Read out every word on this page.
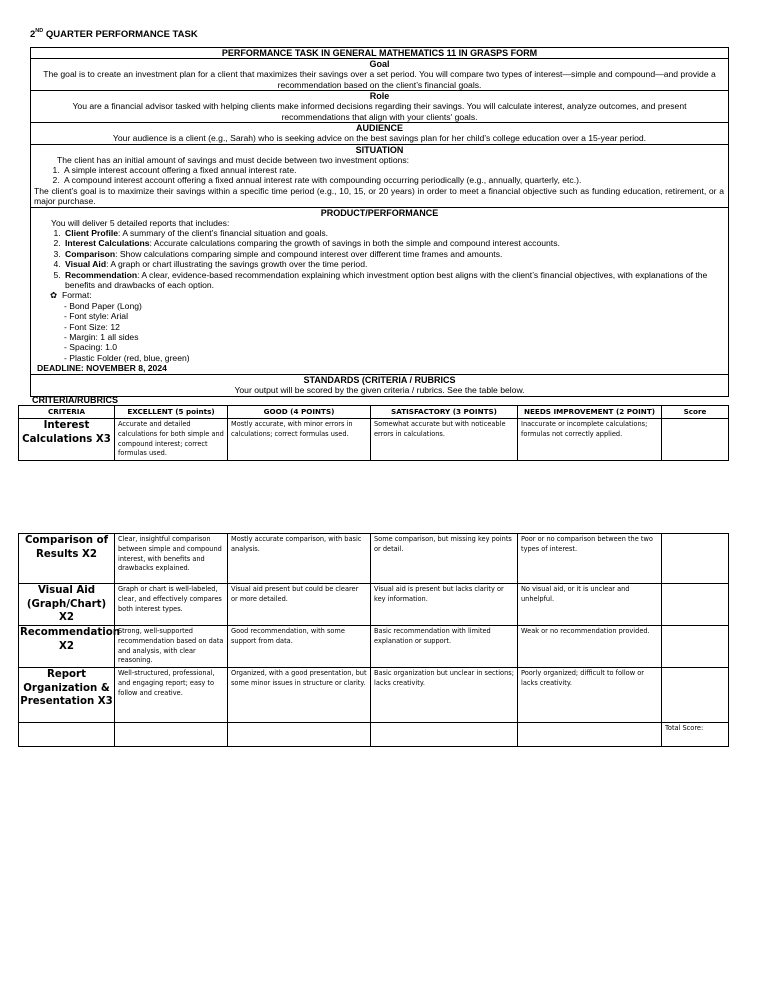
2ND QUARTER PERFORMANCE TASK
PERFORMANCE TASK IN GENERAL MATHEMATICS 11 IN GRASPS FORM
Goal
The goal is to create an investment plan for a client that maximizes their savings over a set period. You will compare two types of interest—simple and compound—and provide a recommendation based on the client’s financial goals.
Role
You are a financial advisor tasked with helping clients make informed decisions regarding their savings. You will calculate interest, analyze outcomes, and present recommendations that align with your clients' goals.
AUDIENCE
Your audience is a client (e.g., Sarah) who is seeking advice on the best savings plan for her child’s college education over a 15-year period.
SITUATION
The client has an initial amount of savings and must decide between two investment options:
1. A simple interest account offering a fixed annual interest rate.
2. A compound interest account offering a fixed annual interest rate with compounding occurring periodically (e.g., annually, quarterly, etc.).
The client’s goal is to maximize their savings within a specific time period (e.g., 10, 15, or 20 years) in order to meet a financial objective such as funding education, retirement, or a major purchase.
PRODUCT/PERFORMANCE
You will deliver 5 detailed reports that includes:
1. Client Profile: A summary of the client’s financial situation and goals.
2. Interest Calculations: Accurate calculations comparing the growth of savings in both the simple and compound interest accounts.
3. Comparison: Show calculations comparing simple and compound interest over different time frames and amounts.
4. Visual Aid: A graph or chart illustrating the savings growth over the time period.
5. Recommendation: A clear, evidence-based recommendation explaining which investment option best aligns with the client’s financial objectives, with explanations of the benefits and drawbacks of each option.
✿ Format:
- Bond Paper (Long)
- Font style: Arial
- Font Size: 12
- Margin: 1 all sides
- Spacing: 1.0
- Plastic Folder (red, blue, green)
DEADLINE: NOVEMBER 8, 2024
STANDARDS (CRITERIA / RUBRICS
Your output will be scored by the given criteria / rubrics. See the table below.
CRITERIA/RUBRICS
CRITERIA	EXCELLENT (5 points)	GOOD (4 POINTS)	SATISFACTORY (3 POINTS)	NEEDS IMPROVEMENT (2 POINT)	Score
Interest Calculations X3	Accurate and detailed calculations for both simple and compound interest; correct formulas used.	Mostly accurate, with minor errors in calculations; correct formulas used.	Somewhat accurate but with noticeable errors in calculations.	Inaccurate or incomplete calculations; formulas not correctly applied.	
Comparison of Results X2	Clear, insightful comparison between simple and compound interest, with benefits and drawbacks explained.	Mostly accurate comparison, with basic analysis.	Some comparison, but missing key points or detail.	Poor or no comparison between the two types of interest.	
Visual Aid (Graph/Chart) X2	Graph or chart is well-labeled, clear, and effectively compares both interest types.	Visual aid present but could be clearer or more detailed.	Visual aid is present but lacks clarity or key information.	No visual aid, or it is unclear and unhelpful.	
Recommendation X2	Strong, well-supported recommendation based on data and analysis, with clear reasoning.	Good recommendation, with some support from data.	Basic recommendation with limited explanation or support.	Weak or no recommendation provided.	
Report Organization & Presentation X3	Well-structured, professional, and engaging report; easy to follow and creative.	Organized, with a good presentation, but some minor issues in structure or clarity.	Basic organization but unclear in sections; lacks creativity.	Poorly organized; difficult to follow or lacks creativity.	
					Total Score:
